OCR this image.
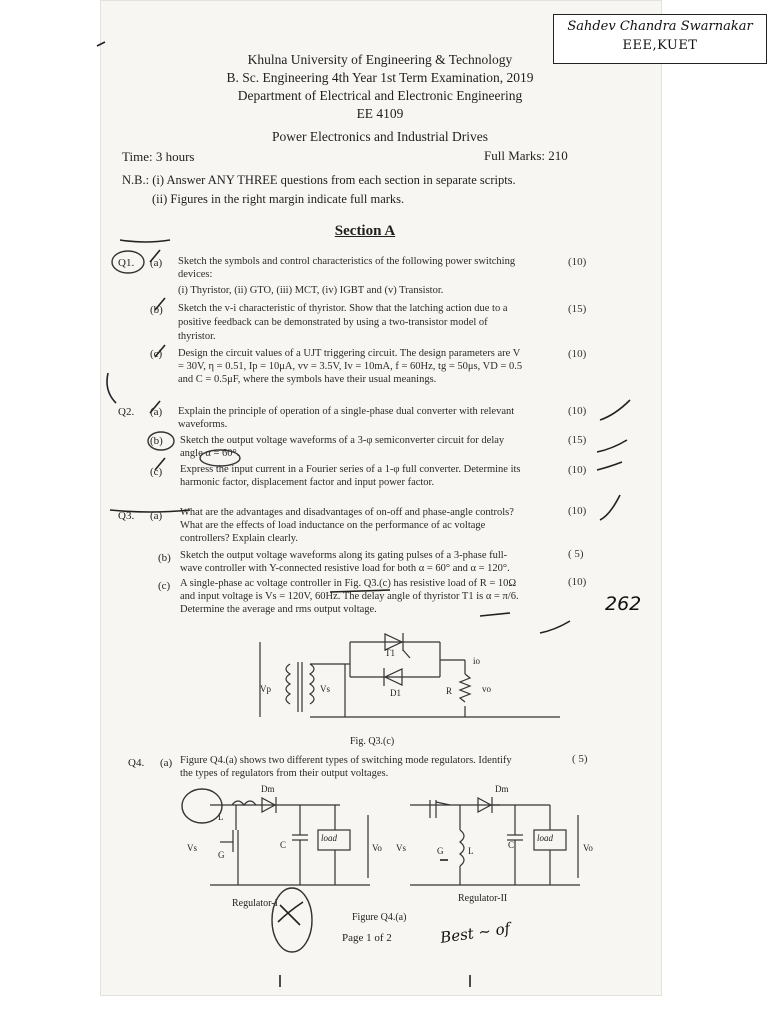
Khulna University of Engineering & Technology
B. Sc. Engineering 4th Year 1st Term Examination, 2019
Department of Electrical and Electronic Engineering
EE 4109
Power Electronics and Industrial Drives
Time: 3 hours	Full Marks: 210
N.B.: (i) Answer ANY THREE questions from each section in separate scripts.
(ii) Figures in the right margin indicate full marks.
Section A
Q1. (a) Sketch the symbols and control characteristics of the following power switching
devices:
(i) Thyristor, (ii) GTO, (iii) MCT, (iv) IGBT and (v) Transistor.
(10)
(b) Sketch the v-i characteristic of thyristor. Show that the latching action due to a
positive feedback can be demonstrated by using a two-transistor model of
thyristor.
(15)
(c) Design the circuit values of a UJT triggering circuit. The design parameters are V
= 30V, η = 0.51, Ip = 10μA, vv = 3.5V, Iv = 10mA, f = 60Hz, tg = 50μs, VD = 0.5
and C = 0.5μF, where the symbols have their usual meanings.
(10)
Q2. (a) Explain the principle of operation of a single-phase dual converter with relevant
waveforms.
(10)
(b) Sketch the output voltage waveforms of a 3-φ semiconverter circuit for delay
angle α = 60°.
(15)
(c) Express the input current in a Fourier series of a 1-φ full converter. Determine its
harmonic factor, displacement factor and input power factor.
(10)
Q3. (a) What are the advantages and disadvantages of on-off and phase-angle controls?
What are the effects of load inductance on the performance of ac voltage
controllers? Explain clearly.
(10)
(b) Sketch the output voltage waveforms along its gating pulses of a 3-phase full-
wave controller with Y-connected resistive load for both α = 60° and α = 120°.
( 5)
(c) A single-phase ac voltage controller in Fig. Q3.(c) has resistive load of R = 10Ω
and input voltage is Vs = 120V, 60Hz. The delay angle of thyristor T1 is α = π/6.
Determine the average and rms output voltage.
(10)
T1
D1	R
Vp	Vs
io
vo
Fig. Q3.(c)
Q4. (a) Figure Q4.(a) shows two different types of switching mode regulators. Identify
the types of regulators from their output voltages.
( 5)
Dm
L
G
C
load
Vs	Vo
Dm
G	L
C
load
Vs	Vo
Regulator-I	Regulator-II
Figure Q4.(a)
Page 1 of 2
262
Best ~ of
Sahdev Chandra Swarnakar
EEE,KUET
